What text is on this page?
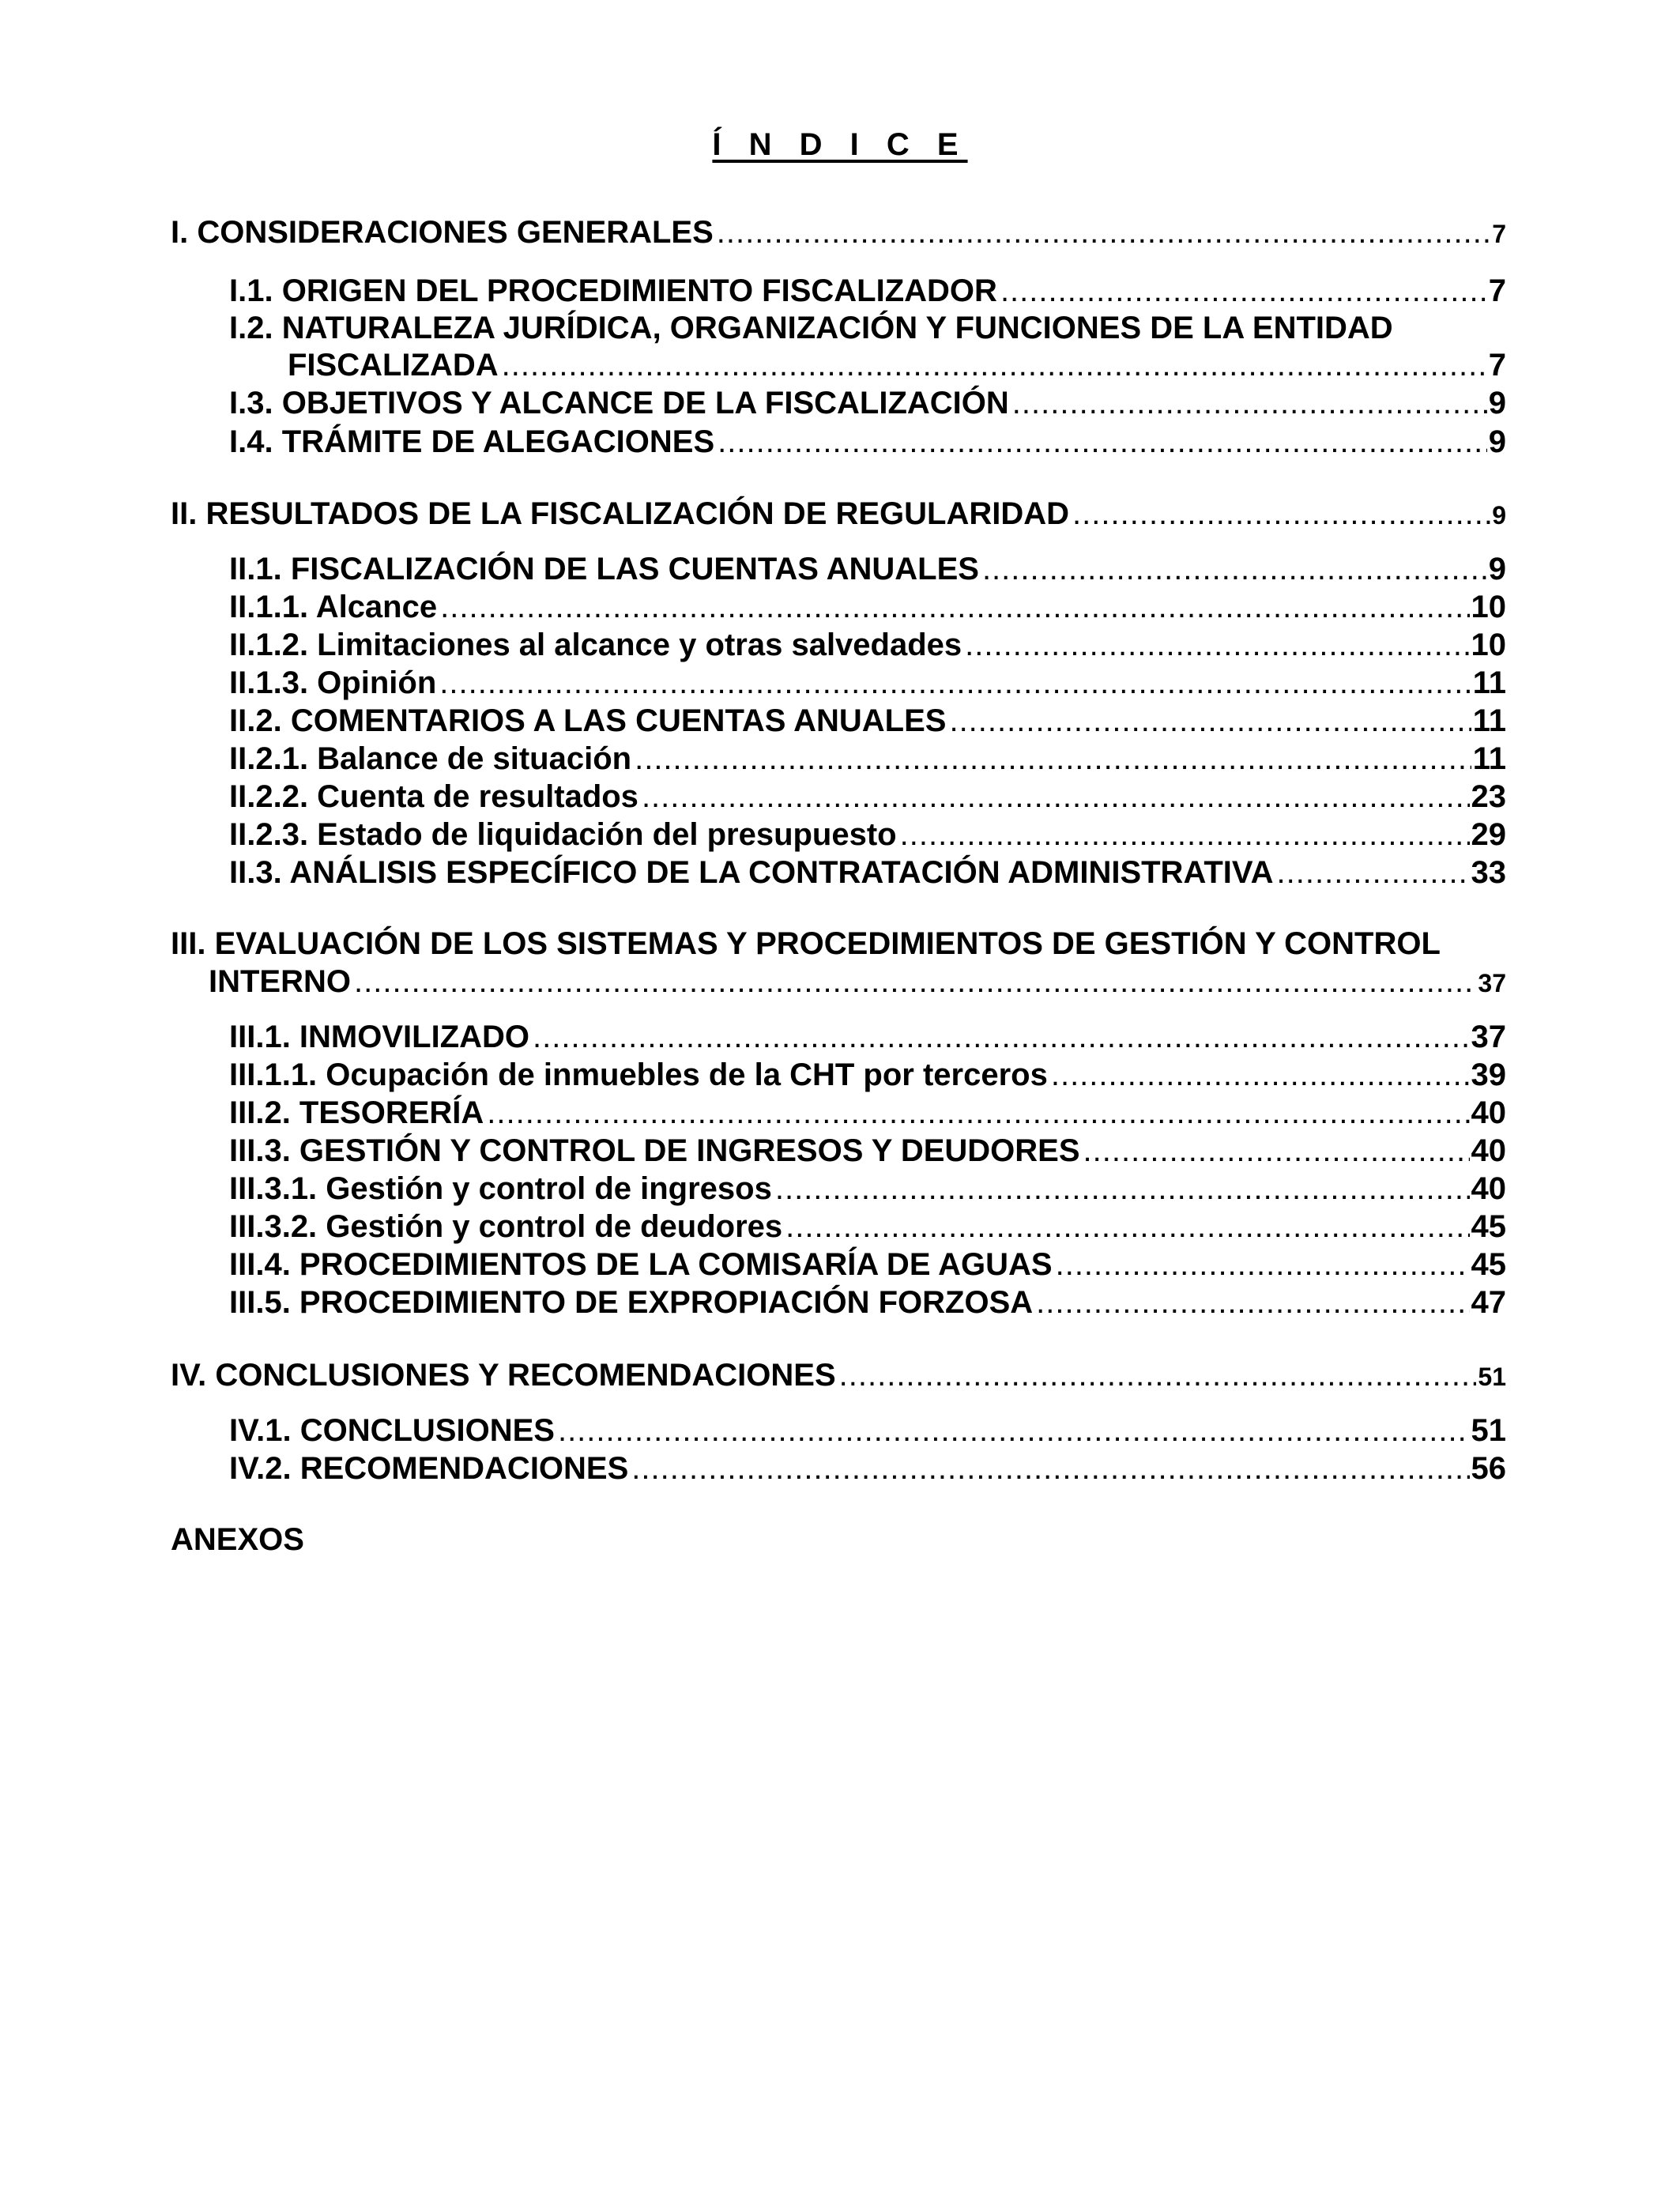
Í N D I C E
I. CONSIDERACIONES GENERALES .....	7
I.1. ORIGEN DEL PROCEDIMIENTO FISCALIZADOR .....	7
I.2. NATURALEZA JURÍDICA, ORGANIZACIÓN Y FUNCIONES DE LA ENTIDAD
FISCALIZADA .....	7
I.3. OBJETIVOS Y ALCANCE DE LA FISCALIZACIÓN .....	9
I.4. TRÁMITE DE ALEGACIONES .....	9
II. RESULTADOS DE LA FISCALIZACIÓN DE REGULARIDAD .....	9
II.1. FISCALIZACIÓN DE LAS CUENTAS ANUALES .....	9
II.1.1. Alcance .....	10
II.1.2. Limitaciones al alcance y otras salvedades .....	10
II.1.3. Opinión .....	11
II.2. COMENTARIOS A LAS CUENTAS ANUALES .....	11
II.2.1. Balance de situación .....	11
II.2.2. Cuenta de resultados .....	23
II.2.3. Estado de liquidación del presupuesto .....	29
II.3. ANÁLISIS ESPECÍFICO DE LA CONTRATACIÓN ADMINISTRATIVA .....	33
III. EVALUACIÓN DE LOS SISTEMAS Y PROCEDIMIENTOS DE GESTIÓN Y CONTROL
INTERNO .....	37
III.1. INMOVILIZADO .....	37
III.1.1. Ocupación de inmuebles de la CHT por terceros .....	39
III.2. TESORERÍA .....	40
III.3. GESTIÓN Y CONTROL DE INGRESOS Y DEUDORES .....	40
III.3.1. Gestión y control de ingresos .....	40
III.3.2. Gestión y control de deudores .....	45
III.4. PROCEDIMIENTOS DE LA COMISARÍA DE AGUAS .....	45
III.5. PROCEDIMIENTO DE EXPROPIACIÓN FORZOSA .....	47
IV. CONCLUSIONES Y RECOMENDACIONES .....	51
IV.1. CONCLUSIONES .....	51
IV.2. RECOMENDACIONES .....	56
ANEXOS
